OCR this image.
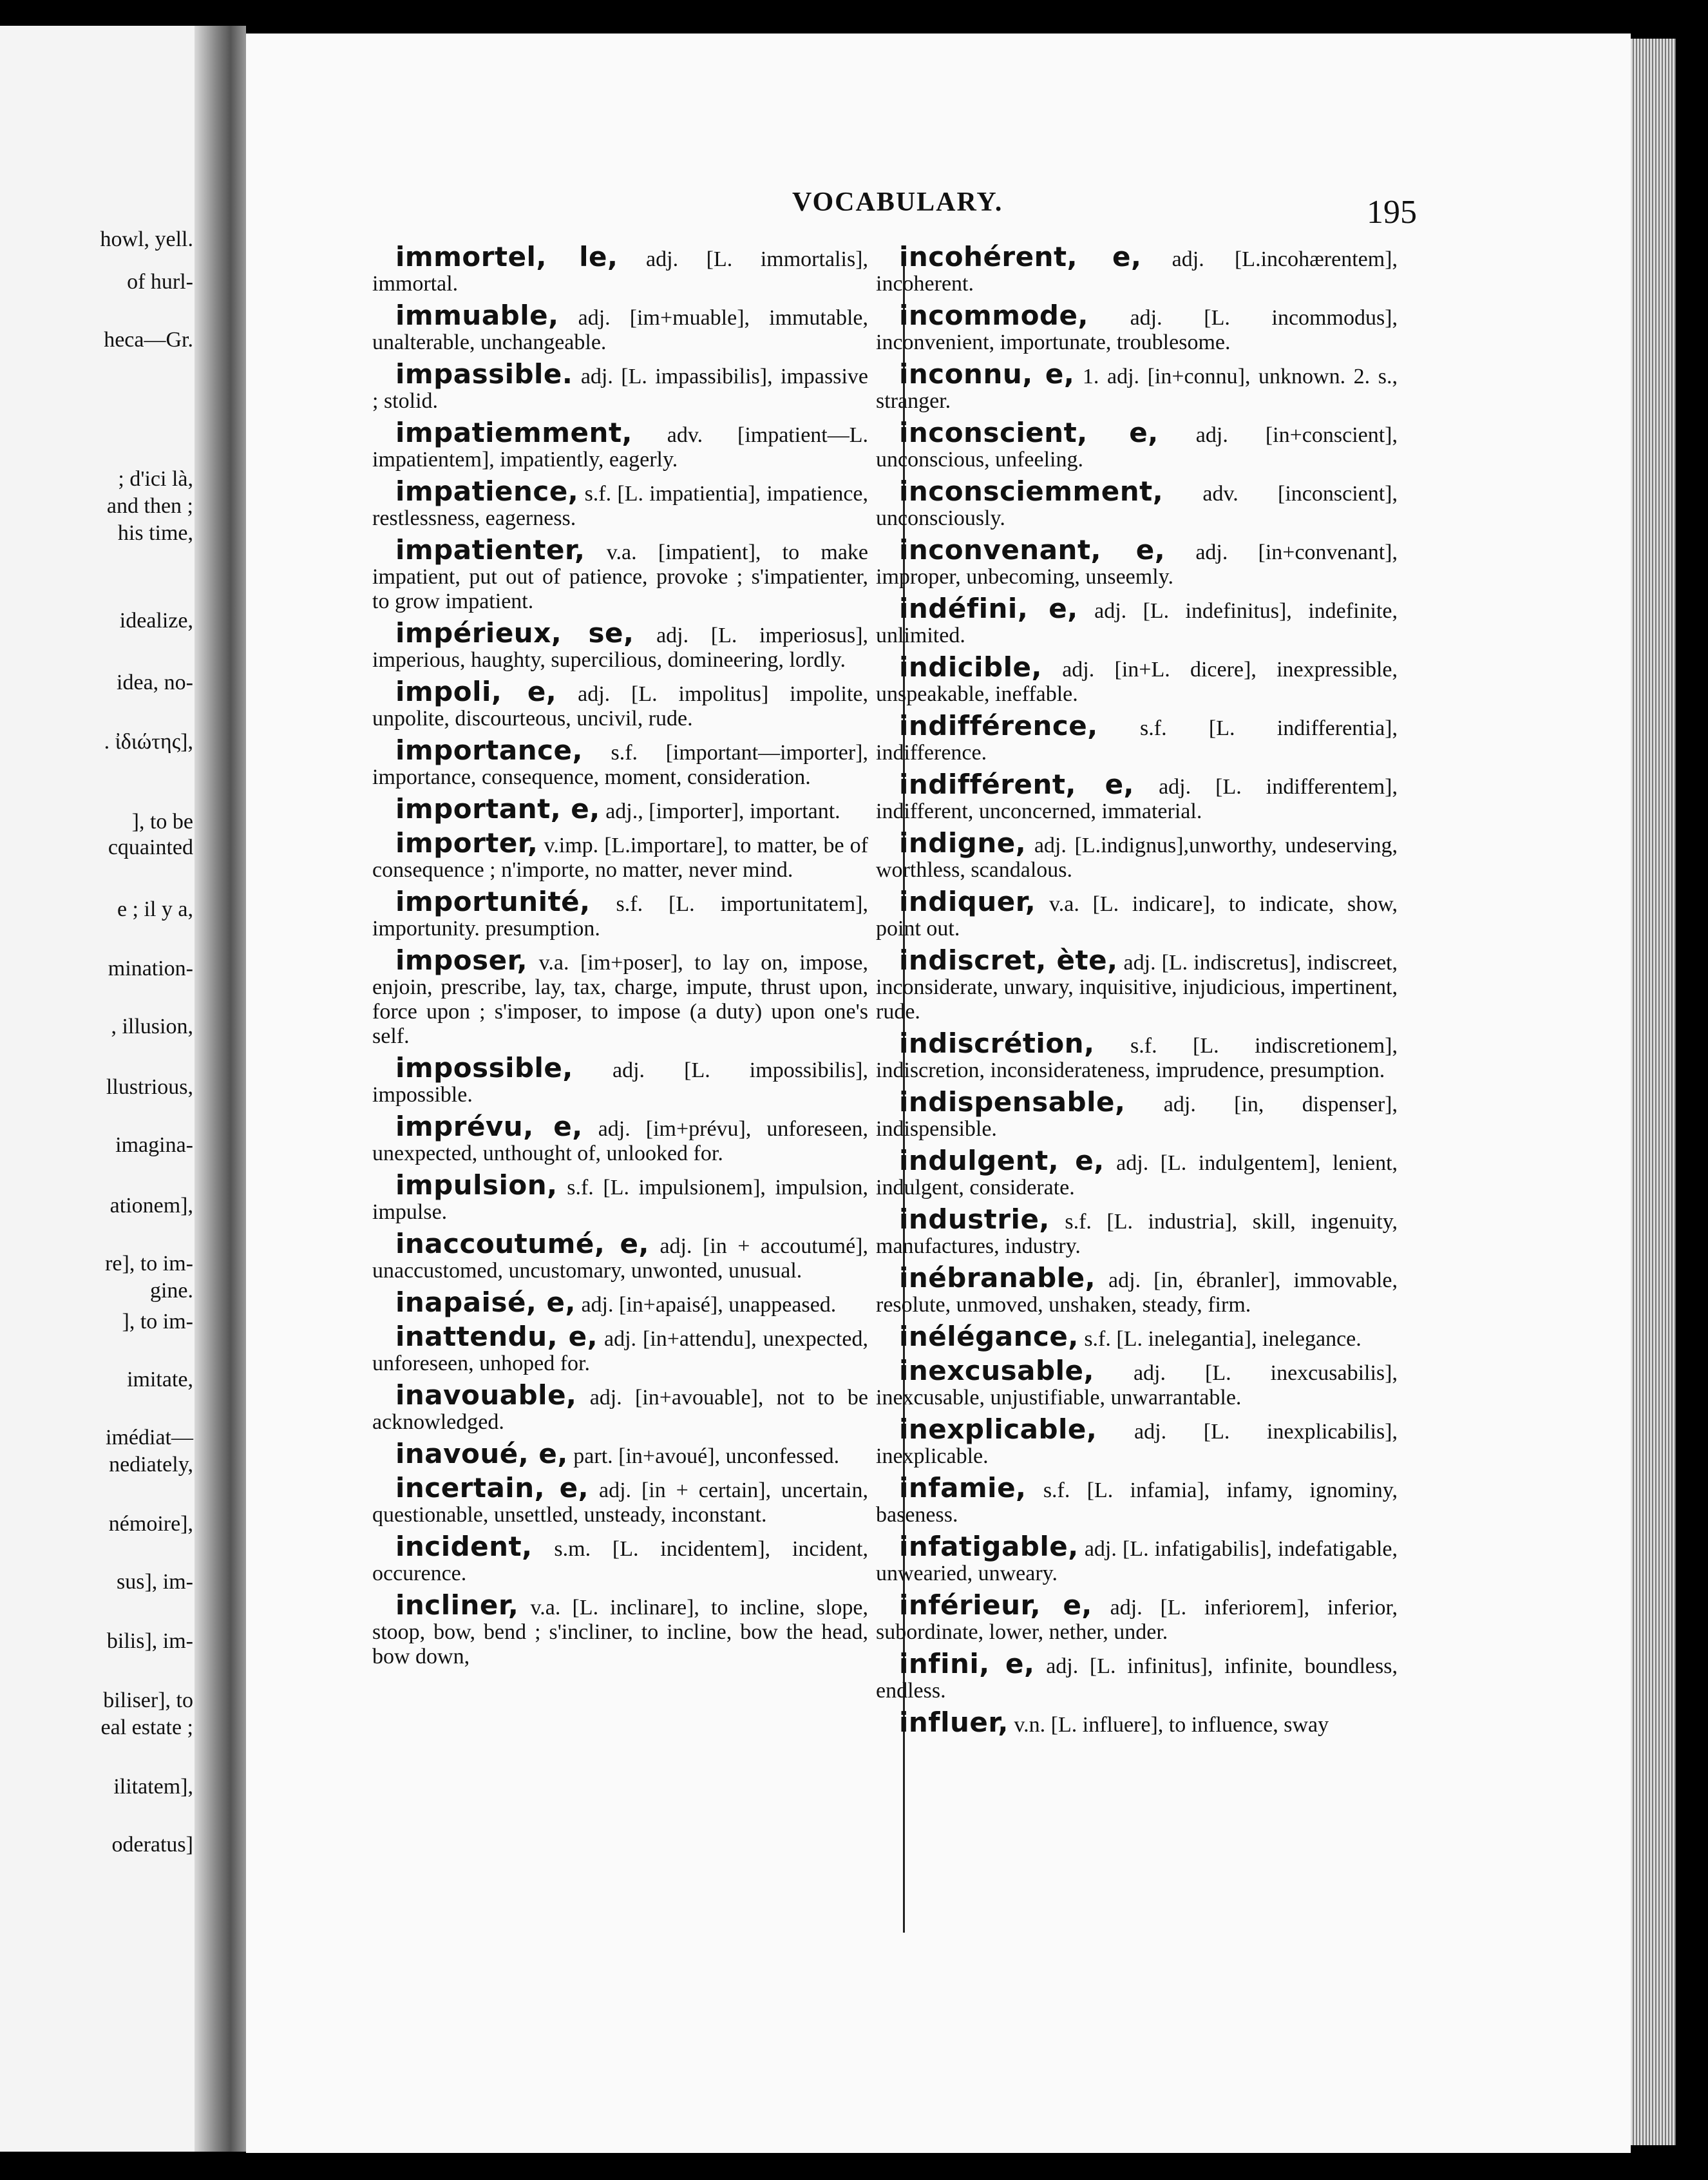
howl, yell.
of hurl-
heca—Gr.
; d'ici là,
and then ;
his time,
idealize,
idea, no-
. ἰδιώτης],
], to be
cquainted
e ; il y a,
mination-
, illusion,
llustrious,
imagina-
ationem],
re], to im-
gine.
], to im-
imitate,
imédiat—
nediately,
némoire],
sus], im-
bilis], im-
biliser], to
eal estate ;
ilitatem],
oderatus]
VOCABULARY.	195
immortel, le, adj. [L. immortalis], immortal.
immuable, adj. [im+muable], immutable, unalterable, unchangeable.
impassible. adj. [L. impassibilis], impassive ; stolid.
impatiemment, adv. [impatient—L. impatientem], impatiently, eagerly.
impatience, s.f. [L. impatientia], impatience, restlessness, eagerness.
impatienter, v.a. [impatient], to make impatient, put out of patience, provoke ; s'impatienter, to grow impatient.
impérieux, se, adj. [L. imperiosus], imperious, haughty, supercilious, domineering, lordly.
impoli, e, adj. [L. impolitus] impolite, unpolite, discourteous, uncivil, rude.
importance, s.f. [important—importer], importance, consequence, moment, consideration.
important, e, adj., [importer], important.
importer, v.imp. [L.importare], to matter, be of consequence ; n'importe, no matter, never mind.
importunité, s.f. [L. importunitatem], importunity. presumption.
imposer, v.a. [im+poser], to lay on, impose, enjoin, prescribe, lay, tax, charge, impute, thrust upon, force upon ; s'imposer, to impose (a duty) upon one's self.
impossible, adj. [L. impossibilis], impossible.
imprévu, e, adj. [im+prévu], unforeseen, unexpected, unthought of, unlooked for.
impulsion, s.f. [L. impulsionem], impulsion, impulse.
inaccoutumé, e, adj. [in + accoutumé], unaccustomed, uncustomary, unwonted, unusual.
inapaisé, e, adj. [in+apaisé], unappeased.
inattendu, e, adj. [in+attendu], unexpected, unforeseen, unhoped for.
inavouable, adj. [in+avouable], not to be acknowledged.
inavoué, e, part. [in+avoué], unconfessed.
incertain, e, adj. [in + certain], uncertain, questionable, unsettled, unsteady, inconstant.
incident, s.m. [L. incidentem], incident, occurence.
incliner, v.a. [L. inclinare], to incline, slope, stoop, bow, bend ; s'incliner, to incline, bow the head, bow down,
incohérent, e, adj. [L.incohærentem], incoherent.
incommode, adj. [L. incommodus], inconvenient, importunate, troublesome.
inconnu, e, 1. adj. [in+connu], unknown. 2. s., stranger.
inconscient, e, adj. [in+conscient], unconscious, unfeeling.
inconsciemment, adv. [inconscient], unconsciously.
inconvenant, e, adj. [in+convenant], improper, unbecoming, unseemly.
indéfini, e, adj. [L. indefinitus], indefinite, unlimited.
indicible, adj. [in+L. dicere], inexpressible, unspeakable, ineffable.
indifférence, s.f. [L. indifferentia], indifference.
indifférent, e, adj. [L. indifferentem], indifferent, unconcerned, immaterial.
indigne, adj. [L.indignus],unworthy, undeserving, worthless, scandalous.
indiquer, v.a. [L. indicare], to indicate, show, point out.
indiscret, ète, adj. [L. indiscretus], indiscreet, inconsiderate, unwary, inquisitive, injudicious, impertinent, rude.
indiscrétion, s.f. [L. indiscretionem], indiscretion, inconsiderateness, imprudence, presumption.
indispensable, adj. [in, dispenser], indispensible.
indulgent, e, adj. [L. indulgentem], lenient, indulgent, considerate.
industrie, s.f. [L. industria], skill, ingenuity, manufactures, industry.
inébranable, adj. [in, ébranler], immovable, resolute, unmoved, unshaken, steady, firm.
inélégance, s.f. [L. inelegantia], inelegance.
inexcusable, adj. [L. inexcusabilis], inexcusable, unjustifiable, unwarrantable.
inexplicable, adj. [L. inexplicabilis], inexplicable.
infamie, s.f. [L. infamia], infamy, ignominy, baseness.
infatigable, adj. [L. infatigabilis], indefatigable, unwearied, unweary.
inférieur, e, adj. [L. inferiorem], inferior, subordinate, lower, nether, under.
infini, e, adj. [L. infinitus], infinite, boundless, endless.
influer, v.n. [L. influere], to influence, sway
